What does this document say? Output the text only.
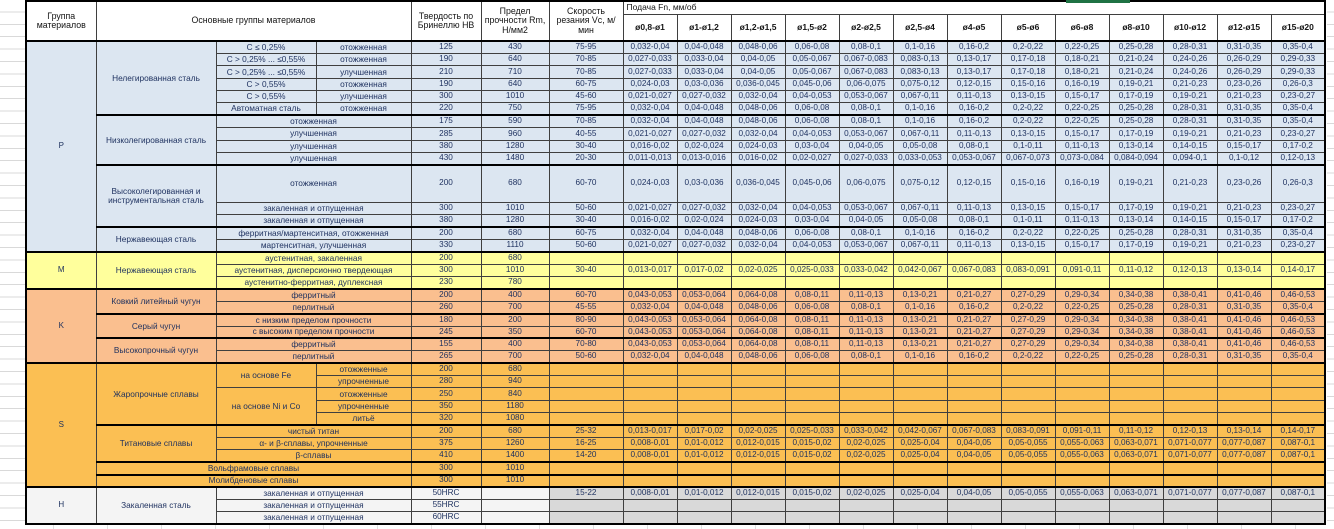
Группа материалов	Основные группы материалов			Твердость по Бринеллю HB	Предел прочности Rm, Н/мм2	Скорость резания Vc, м/мин	Подача Fn, мм/об												
							ø0,8-ø1	ø1-ø1,2	ø1,2-ø1,5	ø1,5-ø2	ø2-ø2,5	ø2,5-ø4	ø4-ø5	ø5-ø6	ø6-ø8	ø8-ø10	ø10-ø12	ø12-ø15	ø15-ø20
P	Нелегированная сталь	С ≤ 0,25%	отожженная	125	430	75-95	0,032-0,04	0,04-0,048	0,048-0,06	0,06-0,08	0,08-0,1	0,1-0,16	0,16-0,2	0,2-0,22	0,22-0,25	0,25-0,28	0,28-0,31	0,31-0,35	0,35-0,4
		С > 0,25% ... ≤0,55%	отожженная	190	640	70-85	0,027-0,033	0,033-0,04	0,04-0,05	0,05-0,067	0,067-0,083	0,083-0,13	0,13-0,17	0,17-0,18	0,18-0,21	0,21-0,24	0,24-0,26	0,26-0,29	0,29-0,33
		С > 0,25% ... ≤0,55%	улучшенная	210	710	70-85	0,027-0,033	0,033-0,04	0,04-0,05	0,05-0,067	0,067-0,083	0,083-0,13	0,13-0,17	0,17-0,18	0,18-0,21	0,21-0,24	0,24-0,26	0,26-0,29	0,29-0,33
		С > 0,55%	отожженная	190	640	60-75	0,024-0,03	0,03-0,036	0,036-0,045	0,045-0,06	0,06-0,075	0,075-0,12	0,12-0,15	0,15-0,16	0,16-0,19	0,19-0,21	0,21-0,23	0,23-0,26	0,26-0,3
		С > 0,55%	улучшенная	300	1010	45-60	0,021-0,027	0,027-0,032	0,032-0,04	0,04-0,053	0,053-0,067	0,067-0,11	0,11-0,13	0,13-0,15	0,15-0,17	0,17-0,19	0,19-0,21	0,21-0,23	0,23-0,27
		Автоматная сталь	отожженная	220	750	75-95	0,032-0,04	0,04-0,048	0,048-0,06	0,06-0,08	0,08-0,1	0,1-0,16	0,16-0,2	0,2-0,22	0,22-0,25	0,25-0,28	0,28-0,31	0,31-0,35	0,35-0,4
	Низколегированная сталь	отожженная		175	590	70-85	0,032-0,04	0,04-0,048	0,048-0,06	0,06-0,08	0,08-0,1	0,1-0,16	0,16-0,2	0,2-0,22	0,22-0,25	0,25-0,28	0,28-0,31	0,31-0,35	0,35-0,4
		улучшенная		285	960	40-55	0,021-0,027	0,027-0,032	0,032-0,04	0,04-0,053	0,053-0,067	0,067-0,11	0,11-0,13	0,13-0,15	0,15-0,17	0,17-0,19	0,19-0,21	0,21-0,23	0,23-0,27
		улучшенная		380	1280	30-40	0,016-0,02	0,02-0,024	0,024-0,03	0,03-0,04	0,04-0,05	0,05-0,08	0,08-0,1	0,1-0,11	0,11-0,13	0,13-0,14	0,14-0,15	0,15-0,17	0,17-0,2
		улучшенная		430	1480	20-30	0,011-0,013	0,013-0,016	0,016-0,02	0,02-0,027	0,027-0,033	0,033-0,053	0,053-0,067	0,067-0,073	0,073-0,084	0,084-0,094	0,094-0,1	0,1-0,12	0,12-0,13
	Высоколегированная и инструментальная сталь	отожженная		200	680	60-70	0,024-0,03	0,03-0,036	0,036-0,045	0,045-0,06	0,06-0,075	0,075-0,12	0,12-0,15	0,15-0,16	0,16-0,19	0,19-0,21	0,21-0,23	0,23-0,26	0,26-0,3
		закаленная и отпущенная		300	1010	50-60	0,021-0,027	0,027-0,032	0,032-0,04	0,04-0,053	0,053-0,067	0,067-0,11	0,11-0,13	0,13-0,15	0,15-0,17	0,17-0,19	0,19-0,21	0,21-0,23	0,23-0,27
		закаленная и отпущенная		380	1280	30-40	0,016-0,02	0,02-0,024	0,024-0,03	0,03-0,04	0,04-0,05	0,05-0,08	0,08-0,1	0,1-0,11	0,11-0,13	0,13-0,14	0,14-0,15	0,15-0,17	0,17-0,2
	Нержавеющая сталь	ферритная/мартенситная, отожженная		200	680	60-75	0,032-0,04	0,04-0,048	0,048-0,06	0,06-0,08	0,08-0,1	0,1-0,16	0,16-0,2	0,2-0,22	0,22-0,25	0,25-0,28	0,28-0,31	0,31-0,35	0,35-0,4
		мартенситная, улучшенная		330	1110	50-60	0,021-0,027	0,027-0,032	0,032-0,04	0,04-0,053	0,053-0,067	0,067-0,11	0,11-0,13	0,13-0,15	0,15-0,17	0,17-0,19	0,19-0,21	0,21-0,23	0,23-0,27
M	Нержавеющая сталь	аустенитная, закаленная		200	680														
		аустенитная, дисперсионно твердеющая		300	1010	30-40	0,013-0,017	0,017-0,02	0,02-0,025	0,025-0,033	0,033-0,042	0,042-0,067	0,067-0,083	0,083-0,091	0,091-0,11	0,11-0,12	0,12-0,13	0,13-0,14	0,14-0,17
		аустенитно-ферритная, дуплексная		230	780														
K	Ковкий литейный чугун	ферритный		200	400	60-70	0,043-0,053	0,053-0,064	0,064-0,08	0,08-0,11	0,11-0,13	0,13-0,21	0,21-0,27	0,27-0,29	0,29-0,34	0,34-0,38	0,38-0,41	0,41-0,46	0,46-0,53
		перлитный		260	700	45-55	0,032-0,04	0,04-0,048	0,048-0,06	0,06-0,08	0,08-0,1	0,1-0,16	0,16-0,2	0,2-0,22	0,22-0,25	0,25-0,28	0,28-0,31	0,31-0,35	0,35-0,4
	Серый чугун	с низким пределом прочности		180	200	80-90	0,043-0,053	0,053-0,064	0,064-0,08	0,08-0,11	0,11-0,13	0,13-0,21	0,21-0,27	0,27-0,29	0,29-0,34	0,34-0,38	0,38-0,41	0,41-0,46	0,46-0,53
		с высоким пределом прочности		245	350	60-70	0,043-0,053	0,053-0,064	0,064-0,08	0,08-0,11	0,11-0,13	0,13-0,21	0,21-0,27	0,27-0,29	0,29-0,34	0,34-0,38	0,38-0,41	0,41-0,46	0,46-0,53
	Высокопрочный чугун	ферритный		155	400	70-80	0,043-0,053	0,053-0,064	0,064-0,08	0,08-0,11	0,11-0,13	0,13-0,21	0,21-0,27	0,27-0,29	0,29-0,34	0,34-0,38	0,38-0,41	0,41-0,46	0,46-0,53
		перлитный		265	700	50-60	0,032-0,04	0,04-0,048	0,048-0,06	0,06-0,08	0,08-0,1	0,1-0,16	0,16-0,2	0,2-0,22	0,22-0,25	0,25-0,28	0,28-0,31	0,31-0,35	0,35-0,4
S	Жаропрочные сплавы	на основе Fe	отожженные	200	680														
			упрочненные	280	940														
		на основе Ni и Co	отожженные	250	840														
			упрочненные	350	1180														
			литьё	320	1080														
	Титановые сплавы	чистый титан		200	680	25-32	0,013-0,017	0,017-0,02	0,02-0,025	0,025-0,033	0,033-0,042	0,042-0,067	0,067-0,083	0,083-0,091	0,091-0,11	0,11-0,12	0,12-0,13	0,13-0,14	0,14-0,17
		α- и β-сплавы, упрочненные		375	1260	16-25	0,008-0,01	0,01-0,012	0,012-0,015	0,015-0,02	0,02-0,025	0,025-0,04	0,04-0,05	0,05-0,055	0,055-0,063	0,063-0,071	0,071-0,077	0,077-0,087	0,087-0,1
		β-сплавы		410	1400	14-20	0,008-0,01	0,01-0,012	0,012-0,015	0,015-0,02	0,02-0,025	0,025-0,04	0,04-0,05	0,05-0,055	0,055-0,063	0,063-0,071	0,071-0,077	0,077-0,087	0,087-0,1
	Вольфрамовые сплавы			300	1010														
	Молибденовые сплавы			300	1010														
H	Закаленная сталь	закаленная и отпущенная		50HRC		15-22	0,008-0,01	0,01-0,012	0,012-0,015	0,015-0,02	0,02-0,025	0,025-0,04	0,04-0,05	0,05-0,055	0,055-0,063	0,063-0,071	0,071-0,077	0,077-0,087	0,087-0,1
		закаленная и отпущенная		55HRC															
		закаленная и отпущенная		60HRC															
